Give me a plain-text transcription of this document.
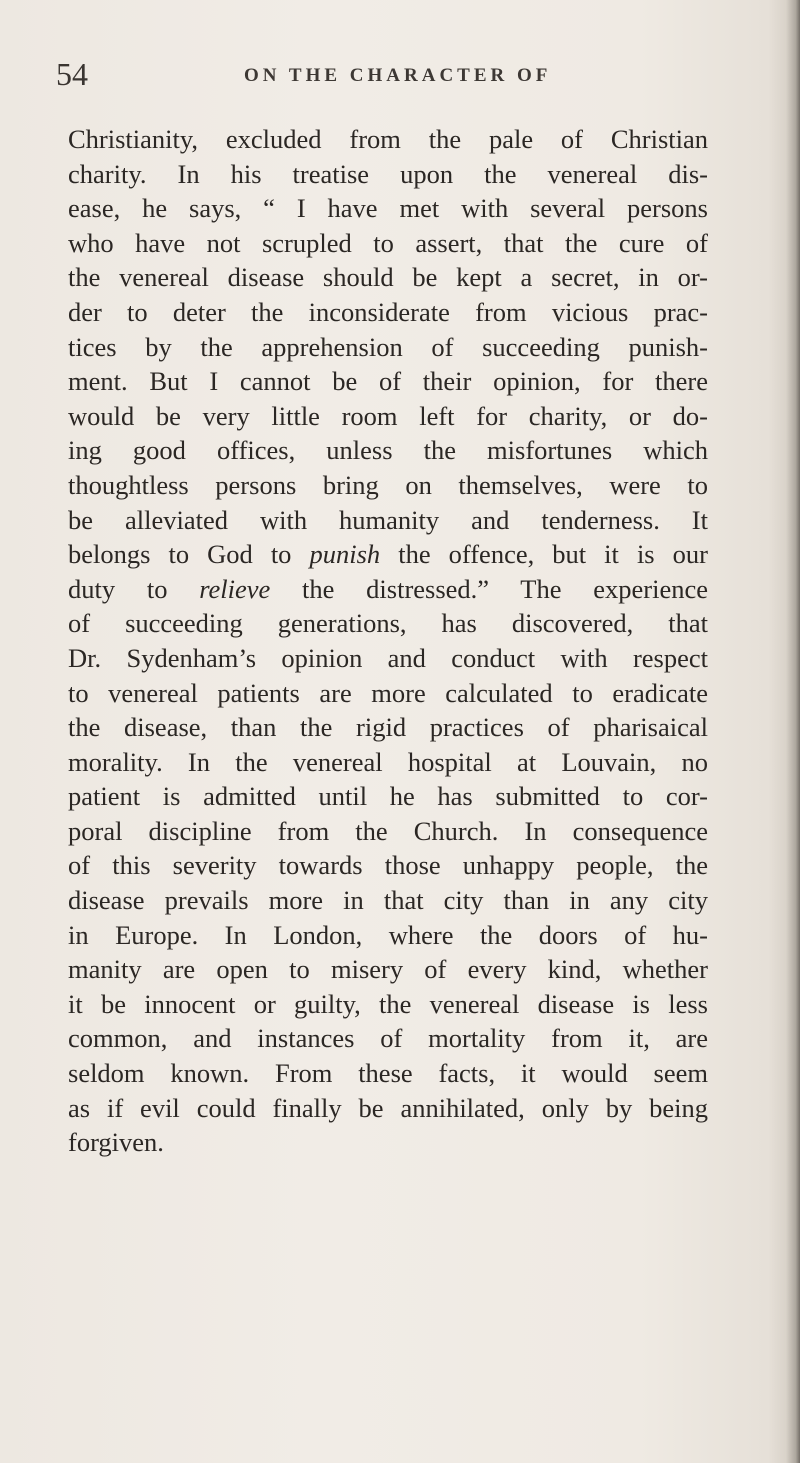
54	ON THE CHARACTER OF
Christianity, excluded from the pale of Christian
charity. In his treatise upon the venereal dis-
ease, he says, “ I have met with several persons
who have not scrupled to assert, that the cure of
the venereal disease should be kept a secret, in or-
der to deter the inconsiderate from vicious prac-
tices by the apprehension of succeeding punish-
ment. But I cannot be of their opinion, for there
would be very little room left for charity, or do-
ing good offices, unless the misfortunes which
thoughtless persons bring on themselves, were to
be alleviated with humanity and tenderness. It
belongs to God to punish the offence, but it is our
duty to relieve the distressed.” The experience
of succeeding generations, has discovered, that
Dr. Sydenham’s opinion and conduct with respect
to venereal patients are more calculated to eradicate
the disease, than the rigid practices of pharisaical
morality. In the venereal hospital at Louvain, no
patient is admitted until he has submitted to cor-
poral discipline from the Church. In consequence
of this severity towards those unhappy people, the
disease prevails more in that city than in any city
in Europe. In London, where the doors of hu-
manity are open to misery of every kind, whether
it be innocent or guilty, the venereal disease is less
common, and instances of mortality from it, are
seldom known. From these facts, it would seem
as if evil could finally be annihilated, only by being
forgiven.
